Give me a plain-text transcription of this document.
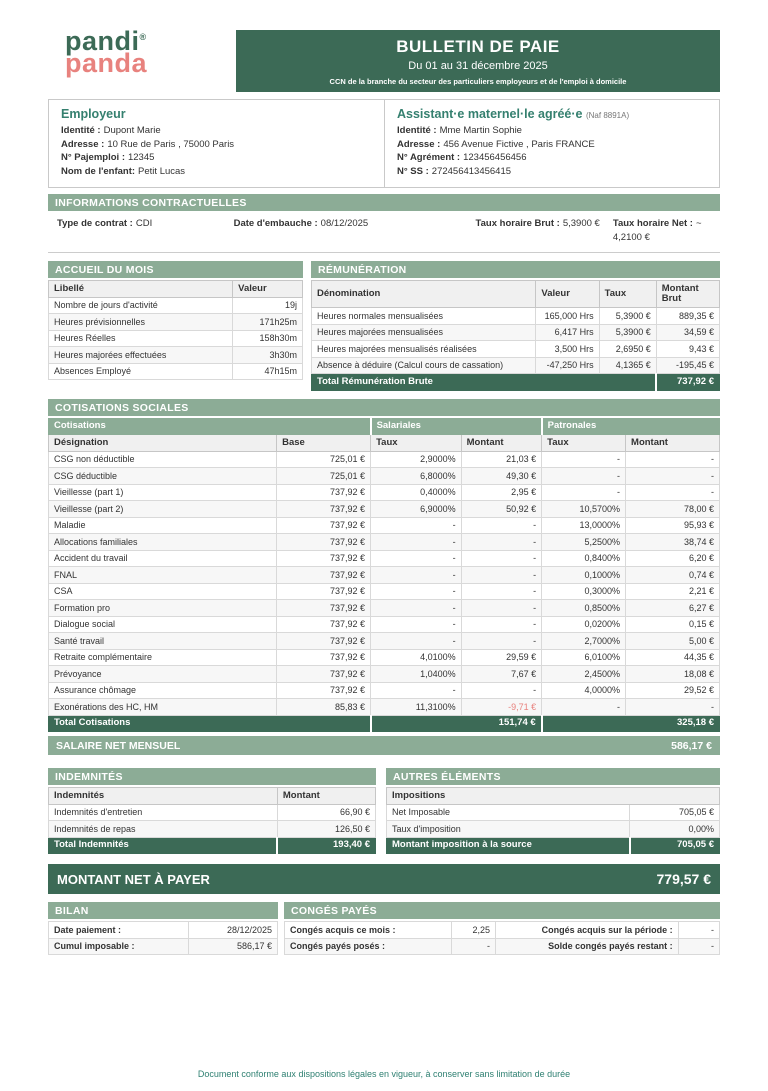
pandi®
panda
BULLETIN DE PAIE
Du 01 au 31 décembre 2025
CCN de la branche du secteur des particuliers employeurs et de l'emploi à domicile
Employeur
Identité : Dupont Marie
Adresse : 10 Rue de Paris , 75000 Paris
N° Pajemploi : 12345
Nom de l'enfant: Petit Lucas
Assistant·e maternel·le agréé·e (Naf 8891A)
Identité : Mme Martin Sophie
Adresse : 456 Avenue Fictive , Paris FRANCE
N° Agrément : 123456456456
N° SS : 272456413456415
INFORMATIONS CONTRACTUELLES
Type de contrat : CDI	Date d'embauche : 08/12/2025	Taux horaire Brut : 5,3900 €	Taux horaire Net : ~ 4,2100 €
ACCUEIL DU MOIS
Libellé	Valeur
Nombre de jours d'activité	19j
Heures prévisionnelles	171h25m
Heures Réelles	158h30m
Heures majorées effectuées	3h30m
Absences Employé	47h15m
RÉMUNÉRATION
Dénomination	Valeur	Taux	Montant Brut
Heures normales mensualisées	165,000 Hrs	5,3900 €	889,35 €
Heures majorées mensualisées	6,417 Hrs	5,3900 €	34,59 €
Heures majorées mensualisés réalisées	3,500 Hrs	2,6950 €	9,43 €
Absence à déduire (Calcul cours de cassation)	-47,250 Hrs	4,1365 €	-195,45 €
Total Rémunération Brute			737,92 €
COTISATIONS SOCIALES
Cotisations		Salariales		Patronales	
Désignation	Base	Taux	Montant	Taux	Montant
CSG non déductible	725,01 €	2,9000%	21,03 €	-	-
CSG déductible	725,01 €	6,8000%	49,30 €	-	-
Vieillesse (part 1)	737,92 €	0,4000%	2,95 €	-	-
Vieillesse (part 2)	737,92 €	6,9000%	50,92 €	10,5700%	78,00 €
Maladie	737,92 €	-	-	13,0000%	95,93 €
Allocations familiales	737,92 €	-	-	5,2500%	38,74 €
Accident du travail	737,92 €	-	-	0,8400%	6,20 €
FNAL	737,92 €	-	-	0,1000%	0,74 €
CSA	737,92 €	-	-	0,3000%	2,21 €
Formation pro	737,92 €	-	-	0,8500%	6,27 €
Dialogue social	737,92 €	-	-	0,0200%	0,15 €
Santé travail	737,92 €	-	-	2,7000%	5,00 €
Retraite complémentaire	737,92 €	4,0100%	29,59 €	6,0100%	44,35 €
Prévoyance	737,92 €	1,0400%	7,67 €	2,4500%	18,08 €
Assurance chômage	737,92 €	-	-	4,0000%	29,52 €
Exonérations des HC, HM	85,83 €	11,3100%	-9,71 €	-	-
Total Cotisations		151,74 €		325,18 €	
SALAIRE NET MENSUEL	586,17 €
INDEMNITÉS
Indemnités	Montant
Indemnités d'entretien	66,90 €
Indemnités de repas	126,50 €
Total Indemnités	193,40 €
AUTRES ÉLÉMENTS
Impositions	
Net Imposable	705,05 €
Taux d'imposition	0,00%
Montant imposition à la source	705,05 €
MONTANT NET À PAYER	779,57 €
BILAN
Date paiement :	28/12/2025
Cumul imposable :	586,17 €
CONGÉS PAYÉS
Congés acquis ce mois :	2,25	Congés acquis sur la période :	-
Congés payés posés :	-	Solde congés payés restant :	-
Document conforme aux dispositions légales en vigueur, à conserver sans limitation de durée
